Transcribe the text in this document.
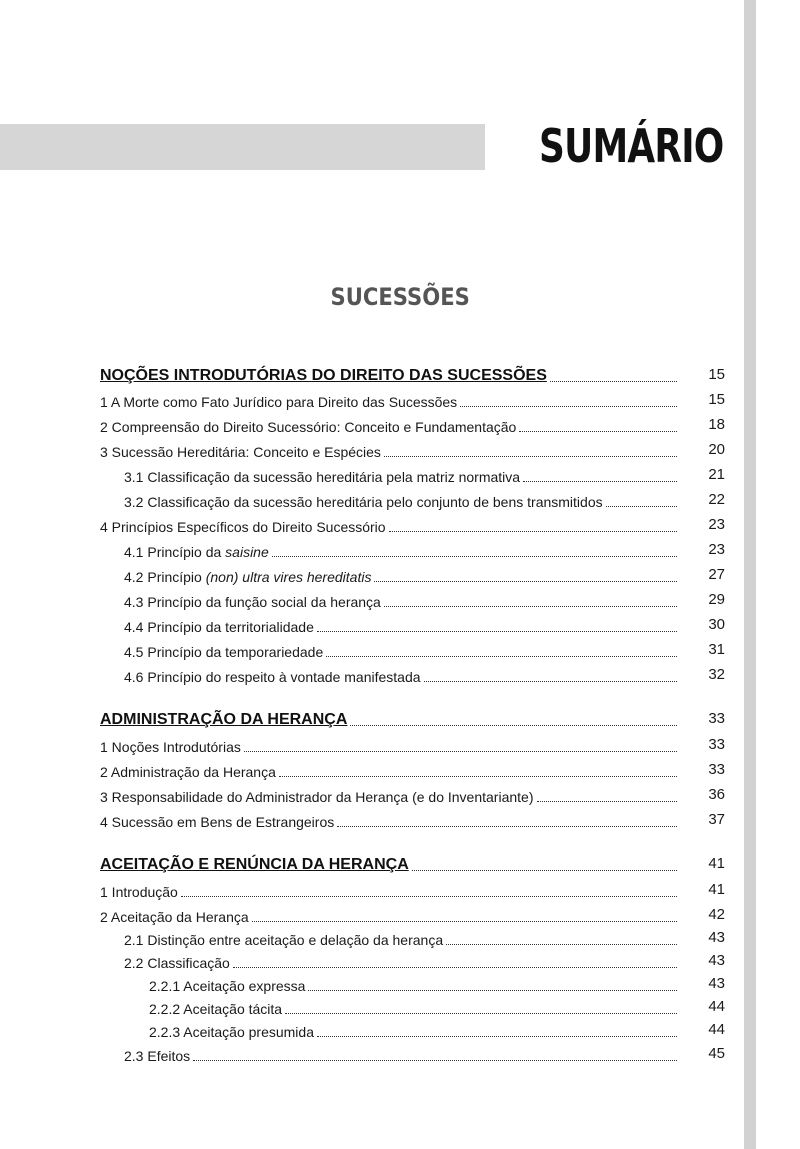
SUMÁRIO
SUCESSÕES
NOÇÕES INTRODUTÓRIAS DO DIREITO DAS SUCESSÕES	15
1 A Morte como Fato Jurídico para Direito das Sucessões	15
2 Compreensão do Direito Sucessório: Conceito e Fundamentação	18
3 Sucessão Hereditária: Conceito e Espécies	20
3.1 Classificação da sucessão hereditária pela matriz normativa	21
3.2 Classificação da sucessão hereditária pelo conjunto de bens transmitidos	22
4 Princípios Específicos do Direito Sucessório	23
4.1 Princípio da saisine	23
4.2 Princípio (non) ultra vires hereditatis	27
4.3 Princípio da função social da herança	29
4.4 Princípio da territorialidade	30
4.5 Princípio da temporariedade	31
4.6 Princípio do respeito à vontade manifestada	32
ADMINISTRAÇÃO DA HERANÇA	33
1 Noções Introdutórias	33
2 Administração da Herança	33
3 Responsabilidade do Administrador da Herança (e do Inventariante)	36
4 Sucessão em Bens de Estrangeiros	37
ACEITAÇÃO E RENÚNCIA DA HERANÇA	41
1 Introdução	41
2 Aceitação da Herança	42
2.1 Distinção entre aceitação e delação da herança	43
2.2 Classificação	43
2.2.1 Aceitação expressa	43
2.2.2 Aceitação tácita	44
2.2.3 Aceitação presumida	44
2.3 Efeitos	45
